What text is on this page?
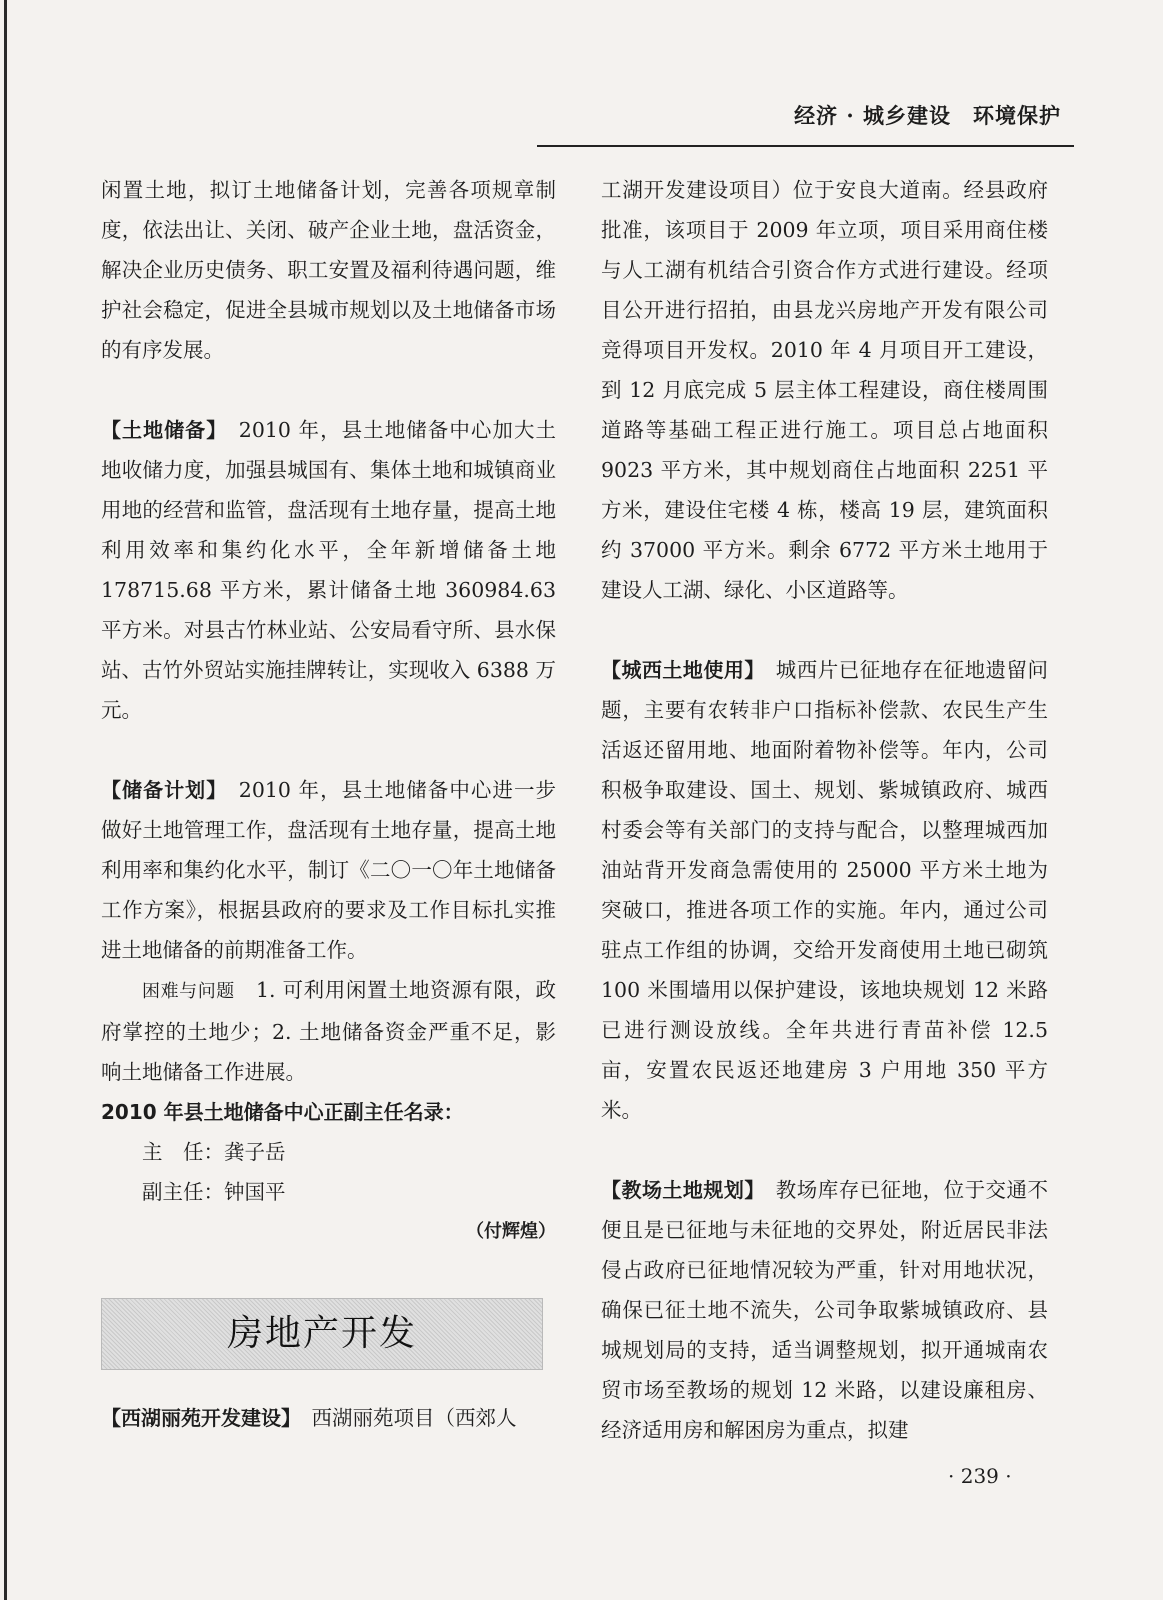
经济 · 城乡建设　环境保护

闲置土地，拟订土地储备计划，完善各项规章制度，依法出让、关闭、破产企业土地，盘活资金，解决企业历史债务、职工安置及福利待遇问题，维护社会稳定，促进全县城市规划以及土地储备市场的有序发展。

【土地储备】　2010 年，县土地储备中心加大土地收储力度，加强县城国有、集体土地和城镇商业用地的经营和监管，盘活现有土地存量，提高土地利用效率和集约化水平，全年新增储备土地 178715.68 平方米，累计储备土地 360984.63 平方米。对县古竹林业站、公安局看守所、县水保站、古竹外贸站实施挂牌转让，实现收入 6388 万元。

【储备计划】　2010 年，县土地储备中心进一步做好土地管理工作，盘活现有土地存量，提高土地利用率和集约化水平，制订《二〇一〇年土地储备工作方案》，根据县政府的要求及工作目标扎实推进土地储备的前期准备工作。

困难与问题　1. 可利用闲置土地资源有限，政府掌控的土地少；2. 土地储备资金严重不足，影响土地储备工作进展。

2010 年县土地储备中心正副主任名录：

主　任：龚子岳

副主任：钟国平

（付辉煌）

房地产开发

【西湖丽苑开发建设】　西湖丽苑项目（西郊人

工湖开发建设项目）位于安良大道南。经县政府批准，该项目于 2009 年立项，项目采用商住楼与人工湖有机结合引资合作方式进行建设。经项目公开进行招拍，由县龙兴房地产开发有限公司竞得项目开发权。2010 年 4 月项目开工建设，到 12 月底完成 5 层主体工程建设，商住楼周围道路等基础工程正进行施工。项目总占地面积 9023 平方米，其中规划商住占地面积 2251 平方米，建设住宅楼 4 栋，楼高 19 层，建筑面积约 37000 平方米。剩余 6772 平方米土地用于建设人工湖、绿化、小区道路等。

【城西土地使用】　城西片已征地存在征地遗留问题，主要有农转非户口指标补偿款、农民生产生活返还留用地、地面附着物补偿等。年内，公司积极争取建设、国土、规划、紫城镇政府、城西村委会等有关部门的支持与配合，以整理城西加油站背开发商急需使用的 25000 平方米土地为突破口，推进各项工作的实施。年内，通过公司驻点工作组的协调，交给开发商使用土地已砌筑 100 米围墙用以保护建设，该地块规划 12 米路已进行测设放线。全年共进行青苗补偿 12.5 亩，安置农民返还地建房 3 户用地 350 平方米。

【教场土地规划】　教场库存已征地，位于交通不便且是已征地与未征地的交界处，附近居民非法侵占政府已征地情况较为严重，针对用地状况，确保已征土地不流失，公司争取紫城镇政府、县城规划局的支持，适当调整规划，拟开通城南农贸市场至教场的规划 12 米路，以建设廉租房、经济适用房和解困房为重点，拟建

· 239 ·
